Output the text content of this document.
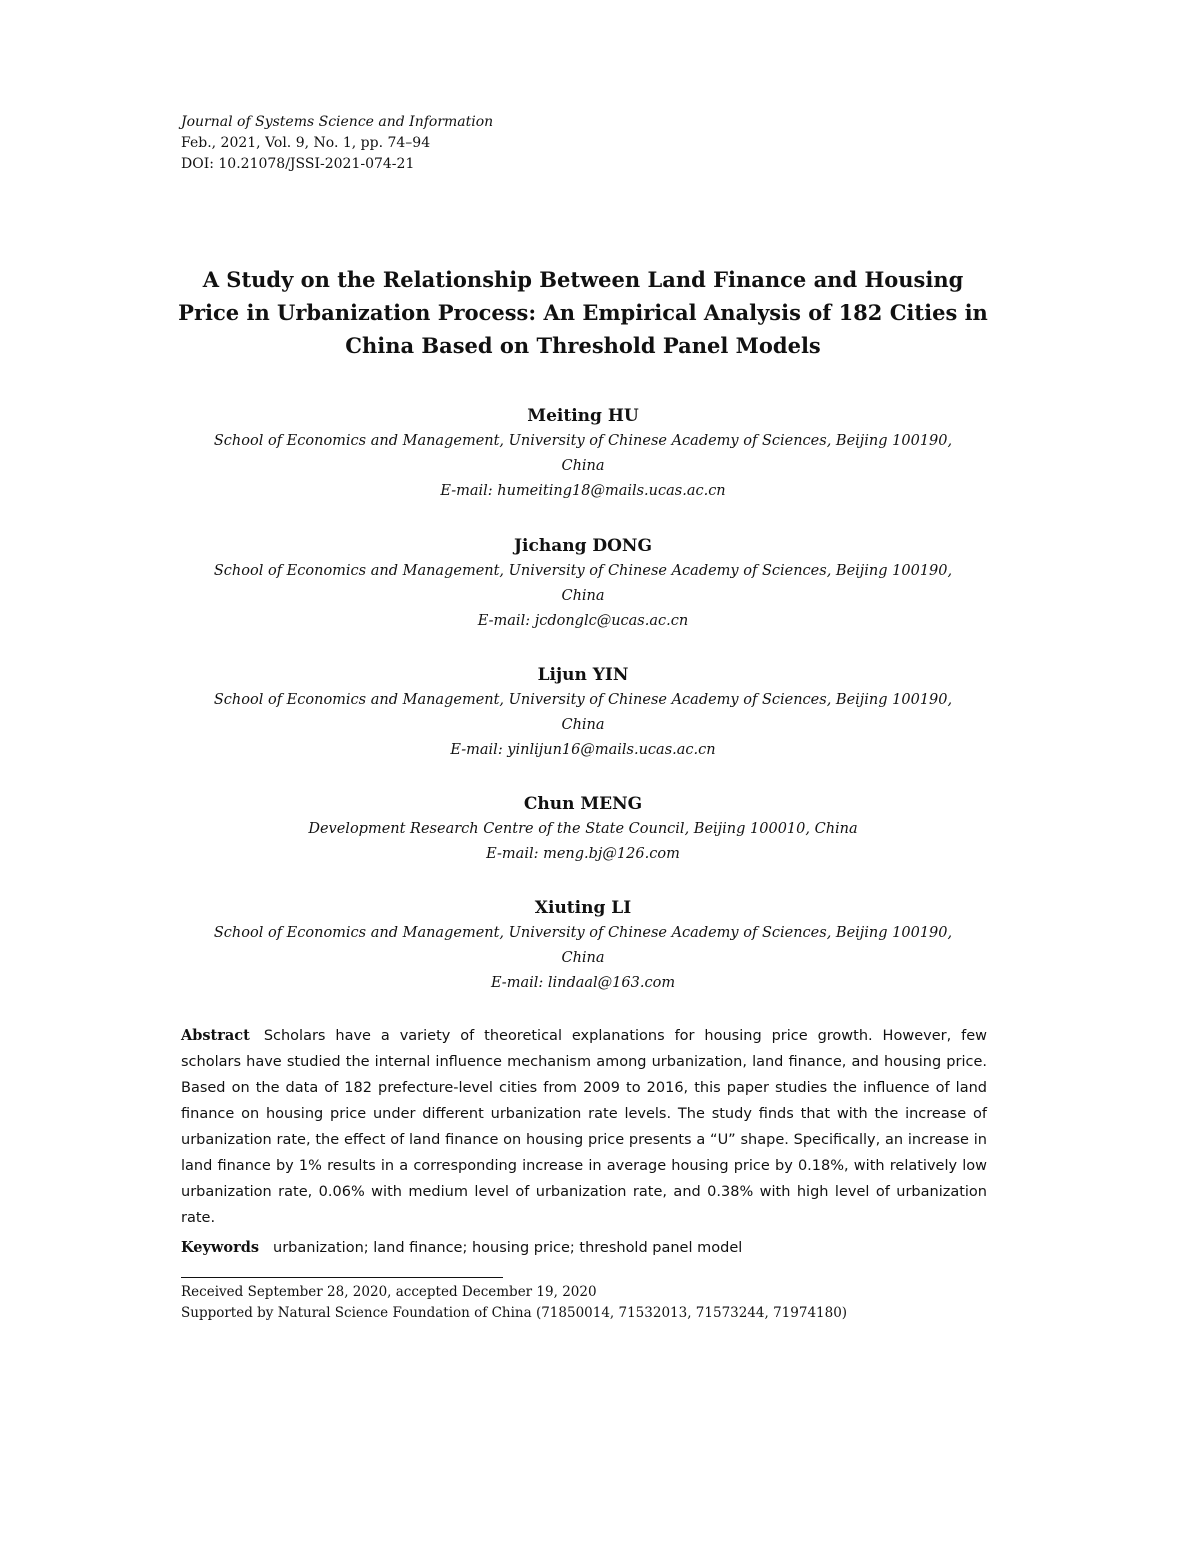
Journal of Systems Science and Information
Feb., 2021, Vol. 9, No. 1, pp. 74–94
DOI: 10.21078/JSSI-2021-074-21
A Study on the Relationship Between Land Finance and Housing
Price in Urbanization Process: An Empirical Analysis of 182 Cities in
China Based on Threshold Panel Models
Meiting HU
School of Economics and Management, University of Chinese Academy of Sciences, Beijing 100190,
China
E-mail: humeiting18@mails.ucas.ac.cn
Jichang DONG
School of Economics and Management, University of Chinese Academy of Sciences, Beijing 100190,
China
E-mail: jcdonglc@ucas.ac.cn
Lijun YIN
School of Economics and Management, University of Chinese Academy of Sciences, Beijing 100190,
China
E-mail: yinlijun16@mails.ucas.ac.cn
Chun MENG
Development Research Centre of the State Council, Beijing 100010, China
E-mail: meng.bj@126.com
Xiuting LI
School of Economics and Management, University of Chinese Academy of Sciences, Beijing 100190,
China
E-mail: lindaal@163.com
Abstract Scholars have a variety of theoretical explanations for housing price growth. However, few scholars have studied the internal influence mechanism among urbanization, land finance, and housing price. Based on the data of 182 prefecture-level cities from 2009 to 2016, this paper studies the influence of land finance on housing price under different urbanization rate levels. The study finds that with the increase of urbanization rate, the effect of land finance on housing price presents a “U” shape. Specifically, an increase in land finance by 1% results in a corresponding increase in average housing price by 0.18%, with relatively low urbanization rate, 0.06% with medium level of urbanization rate, and 0.38% with high level of urbanization rate.
Keywords urbanization; land finance; housing price; threshold panel model
Received September 28, 2020, accepted December 19, 2020
Supported by Natural Science Foundation of China (71850014, 71532013, 71573244, 71974180)
